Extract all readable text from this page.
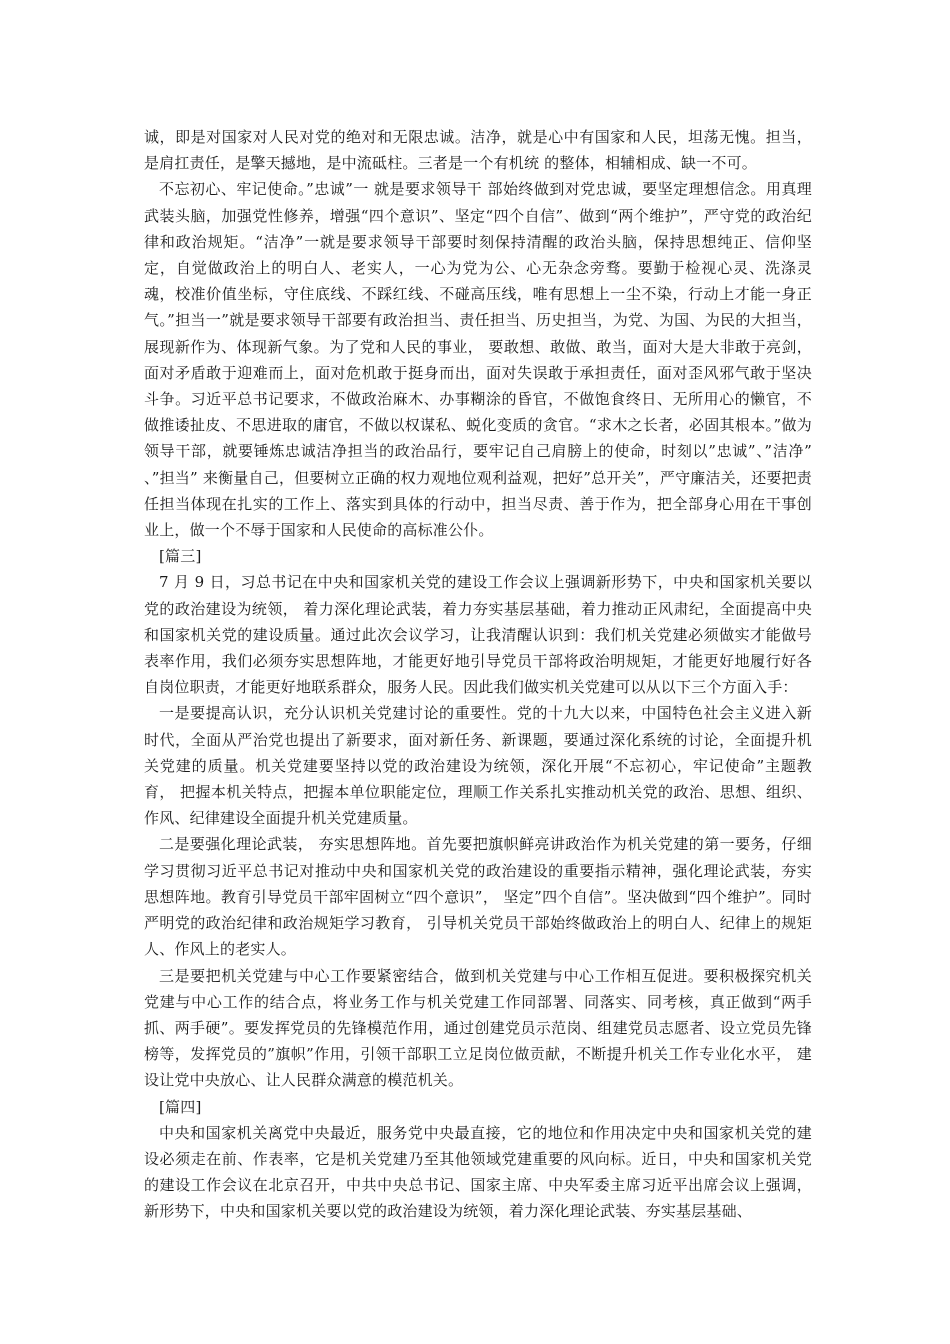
诚，即是对国家对人民对党的绝对和无限忠诚。洁净，就是心中有国家和人民，坦荡无愧。担当，是肩扛责任，是擎天撼地，是中流砥柱。三者是一个有机统 的整体，相辅相成、缺一不可。

不忘初心、牢记使命。”忠诚”一 就是要求领导干 部始终做到对党忠诚，要坚定理想信念。用真理武装头脑，加强党性修养，增强“四个意识”、坚定“四个自信”、做到“两个维护”，严守党的政治纪律和政治规矩。“洁净”一就是要求领导干部要时刻保持清醒的政治头脑，保持思想纯正、信仰坚定，自觉做政治上的明白人、老实人，一心为党为公、心无杂念旁骛。要勤于检视心灵、洗涤灵魂，校准价值坐标，守住底线、不踩红线、不碰高压线，唯有思想上一尘不染，行动上才能一身正气。”担当一”就是要求领导干部要有政治担当、责任担当、历史担当，为党、为国、为民的大担当，展现新作为、体现新气象。为了党和人民的事业， 要敢想、敢做、敢当，面对大是大非敢于亮剑，面对矛盾敢于迎难而上，面对危机敢于挺身而出，面对失误敢于承担责任，面对歪风邪气敢于坚决斗争。习近平总书记要求，不做政治麻木、办事糊涂的昏官，不做饱食终日、无所用心的懒官，不做推诿扯皮、不思进取的庸官，不做以权谋私、蜕化变质的贪官。“求木之长者，必固其根本。”做为领导干部，就要锤炼忠诚洁净担当的政治品行，要牢记自己肩膀上的使命，时刻以”忠诚”、”洁净” 、”担当” 来衡量自己，但要树立正确的权力观地位观利益观，把好”总开关”，严守廉洁关，还要把责任担当体现在扎实的工作上、落实到具体的行动中，担当尽责、善于作为，把全部身心用在干事创业上，做一个不辱于国家和人民使命的高标准公仆。

[篇三]

7 月 9 日，习总书记在中央和国家机关党的建设工作会议上强调新形势下，中央和国家机关要以党的政治建设为统领， 着力深化理论武装，着力夯实基层基础，着力推动正风肃纪，全面提高中央和国家机关党的建设质量。通过此次会议学习，让我清醒认识到：我们机关党建必须做实才能做号表率作用，我们必须夯实思想阵地，才能更好地引导党员干部将政治明规矩，才能更好地履行好各自岗位职责，才能更好地联系群众，服务人民。因此我们做实机关党建可以从以下三个方面入手：

一是要提高认识，充分认识机关党建讨论的重要性。党的十九大以来，中国特色社会主义进入新时代，全面从严治党也提出了新要求，面对新任务、新课题，要通过深化系统的讨论，全面提升机关党建的质量。机关党建要坚持以党的政治建设为统领，深化开展“不忘初心，牢记使命”主题教育， 把握本机关特点，把握本单位职能定位，理顺工作关系扎实推动机关党的政治、思想、组织、作风、纪律建设全面提升机关党建质量。

二是要强化理论武装， 夯实思想阵地。首先要把旗帜鲜亮讲政治作为机关党建的第一要务，仔细学习贯彻习近平总书记对推动中央和国家机关党的政治建设的重要指示精神，强化理论武装，夯实思想阵地。教育引导党员干部牢固树立“四个意识”， 坚定”四个自信”。坚决做到“四个维护”。同时严明党的政治纪律和政治规矩学习教育， 引导机关党员干部始终做政治上的明白人、纪律上的规矩人、作风上的老实人。

三是要把机关党建与中心工作要紧密结合，做到机关党建与中心工作相互促进。要积极探究机关党建与中心工作的结合点，将业务工作与机关党建工作同部署、同落实、同考核，真正做到“两手抓、两手硬”。要发挥党员的先锋模范作用，通过创建党员示范岗、组建党员志愿者、设立党员先锋榜等，发挥党员的”旗帜”作用，引领干部职工立足岗位做贡献，不断提升机关工作专业化水平， 建设让党中央放心、让人民群众满意的模范机关。

[篇四]

中央和国家机关离党中央最近，服务党中央最直接，它的地位和作用决定中央和国家机关党的建设必须走在前、作表率，它是机关党建乃至其他领域党建重要的风向标。近日，中央和国家机关党的建设工作会议在北京召开，中共中央总书记、国家主席、中央军委主席习近平出席会议上强调，新形势下，中央和国家机关要以党的政治建设为统领，着力深化理论武装、夯实基层基础、
